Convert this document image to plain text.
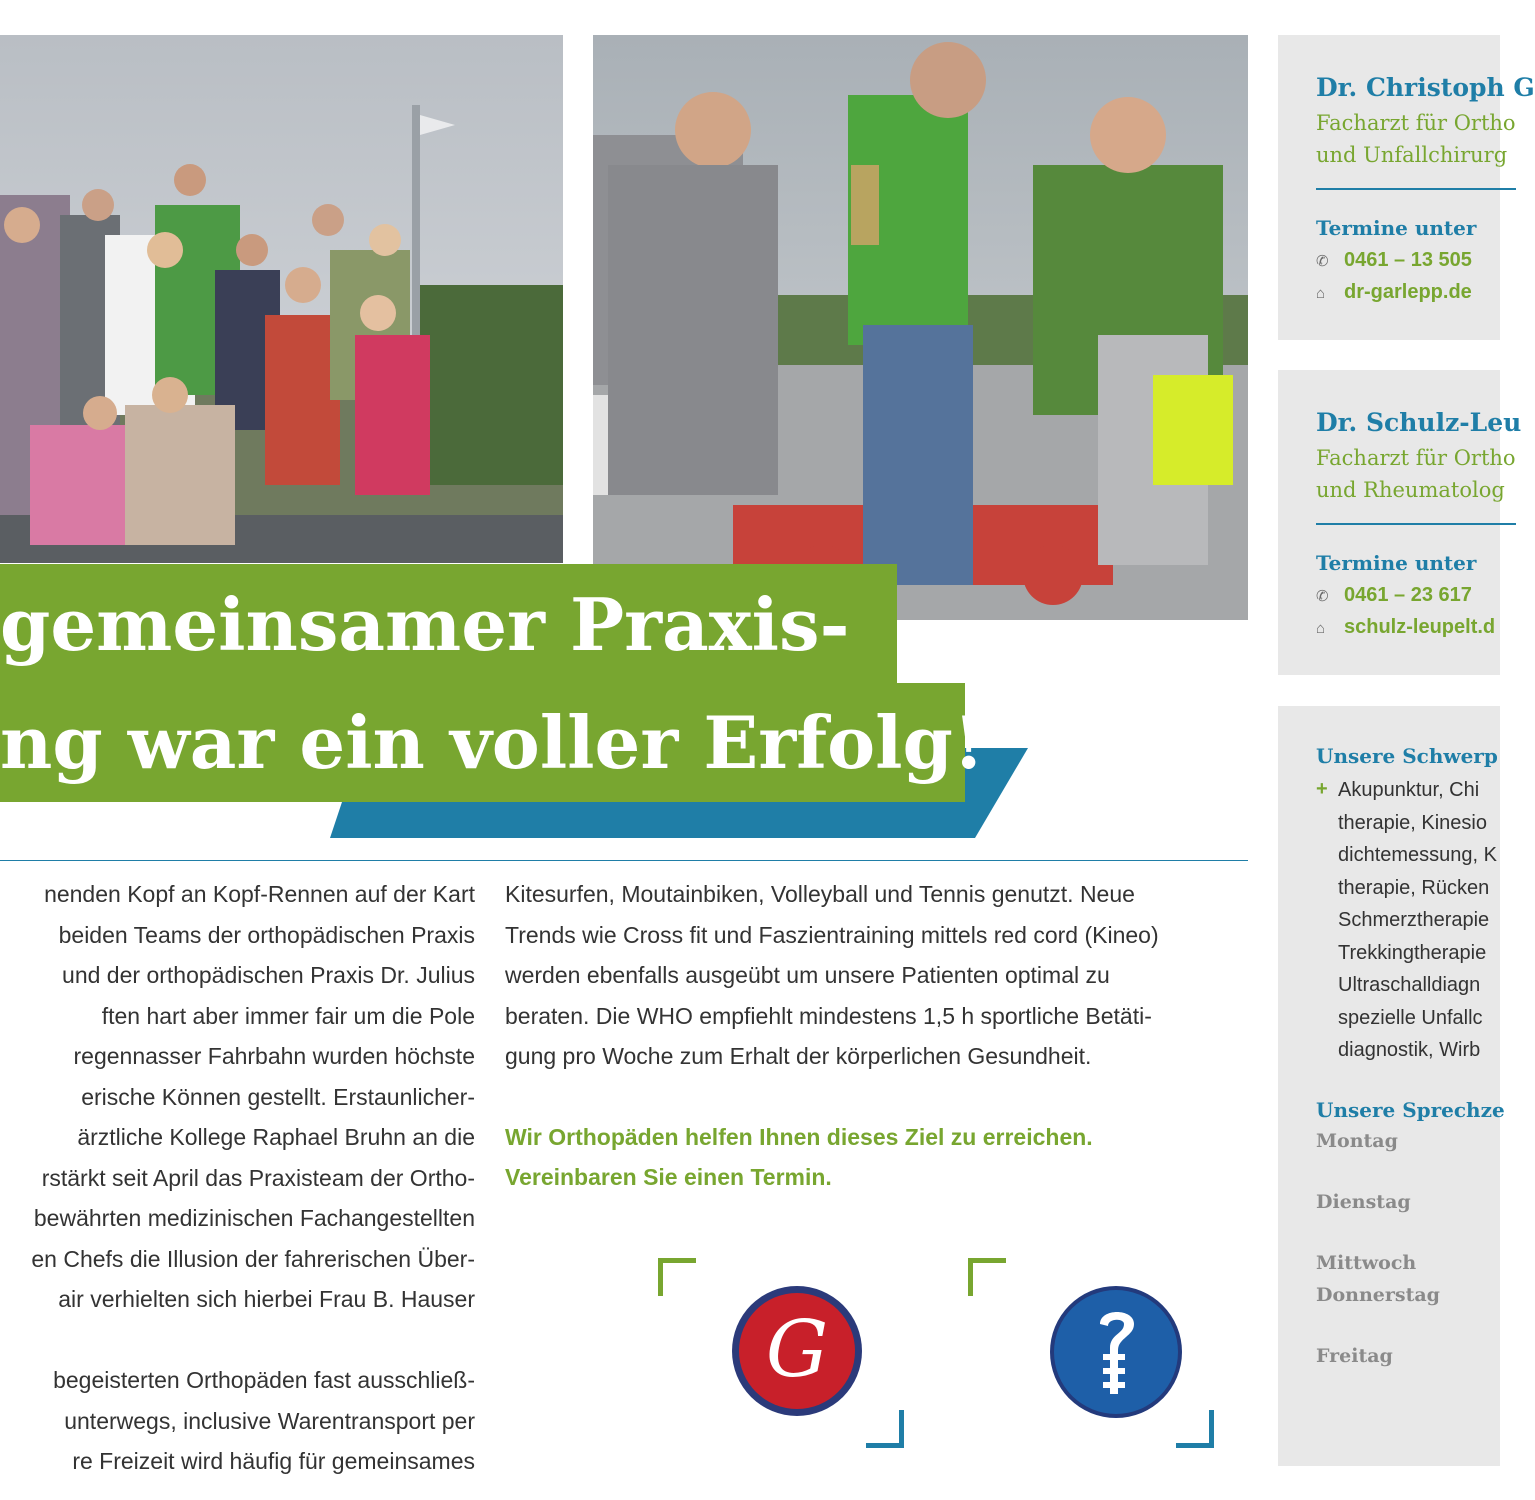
gemeinsamer Praxis-
ng war ein voller Erfolg!

nenden Kopf an Kopf-Rennen auf der Kart

beiden Teams der orthopädischen Praxis

und der orthopädischen Praxis Dr. Julius

ften hart aber immer fair um die Pole

regennasser Fahrbahn wurden höchste

erische Können gestellt. Erstaunlicher-

ärztliche Kollege Raphael Bruhn an die

rstärkt seit April das Praxisteam der Ortho-

bewährten medizinischen Fachangestellten

en Chefs die Illusion der fahrerischen Über-

air verhielten sich hierbei Frau B. Hauser

begeisterten Orthopäden fast ausschließ-

unterwegs, inclusive Warentransport per

re Freizeit wird häufig für gemeinsames

Kitesurfen, Moutainbiken, Volleyball und Tennis genutzt. Neue

Trends wie Cross fit und Faszientraining mittels red cord (Kineo)

werden ebenfalls ausgeübt um unsere Patienten optimal zu

beraten. Die WHO empfiehlt mindestens 1,5 h sportliche Betäti-

gung pro Woche zum Erhalt der körperlichen Gesundheit.

Wir Orthopäden helfen Ihnen dieses Ziel zu erreichen.

Vereinbaren Sie einen Termin.

G

Dr. Christoph G

Facharzt für Ortho

und Unfallchirurg

Termine unter

✆ 0461 – 13 505
⌂ dr-garlepp.de

Dr. Schulz-Leu

Facharzt für Ortho

und Rheumatolog

Termine unter

✆ 0461 – 23 617
⌂ schulz-leupelt.d

Unsere Schwerp

+ Akupunktur, Chi
therapie, Kinesio
dichtemessung, K
therapie, Rücken
Schmerztherapie
Trekkingtherapie
Ultraschalldiagn
spezielle Unfallc
diagnostik, Wirb

Unsere Sprechze

Montag
Dienstag
Mittwoch
Donnerstag
Freitag
